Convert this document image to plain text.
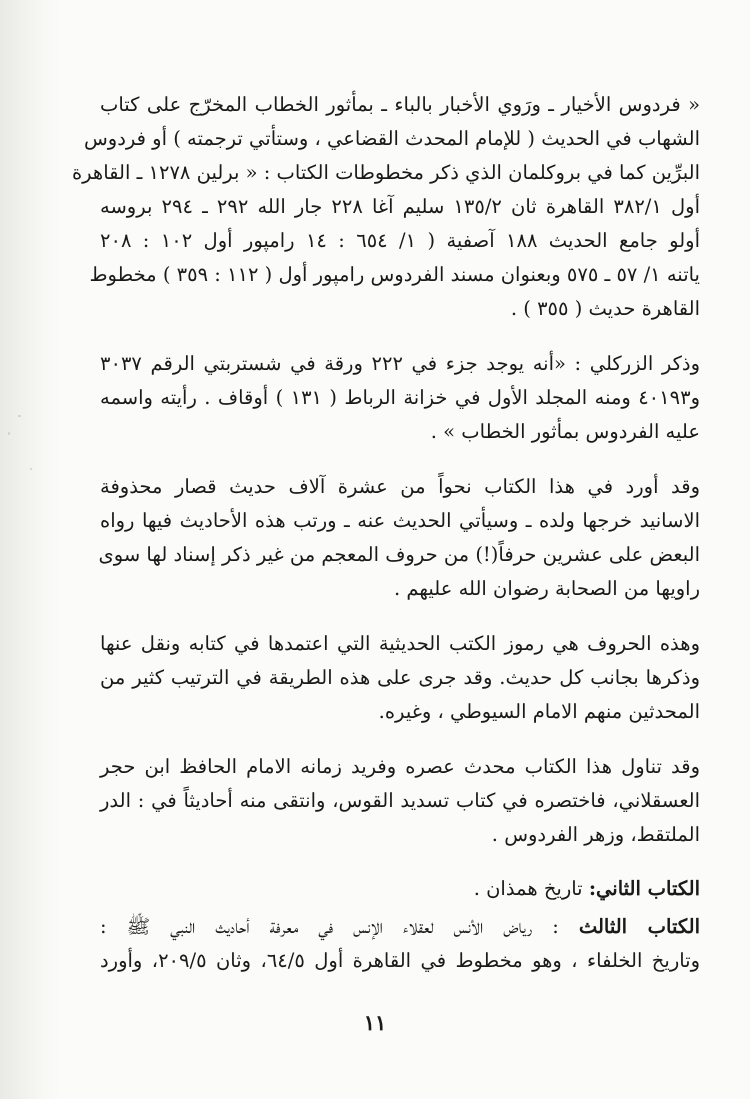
« فردوس الأخيار ـ ورَوي الأخبار بالباء ـ بمأثور الخطاب المخرّج على كتاب
الشهاب في الحديث ( للإمام المحدث القضاعي ، وستأتي ترجمته ) أو فردوس
البرِّين كما في بروكلمان الذي ذكر مخطوطات الكتاب : « برلين ۱۲۷۸ ـ القاهرة
أول ۳۸۲/۱ القاهرة ثان ۱۳٥/۲ سليم آغا ۲۲۸ جار الله ۲۹۲ ـ ۲۹٤ بروسه
أولو جامع الحديث ۱۸۸ آصفية ( ۱/ ٦٥٤ : ١٤ رامپور أول ١٠٢ : ٢٠٨
ياتنه ۱/ ٥٧ ـ ٥٧٥ وبعنوان مسند الفردوس رامپور أول ( ۱۱۲ : ۳٥۹ ) مخطوط
القاهرة حديث ( ٣٥٥ ) .
وذكر الزركلي : «أنه يوجد جزء في ۲۲۲ ورقة في شستربتي الرقم ۳۰۳۷
و٤٠١٩٣ ومنه المجلد الأول في خزانة الرباط ( ۱۳۱ ) أوقاف . رأيته واسمه
عليه الفردوس بمأثور الخطاب » .
وقد أورد في هذا الكتاب نحواً من عشرة آلاف حديث قصار محذوفة
الاسانيد خرجها ولده ـ وسيأتي الحديث عنه ـ ورتب هذه الأحاديث فيها رواه
البعض على عشرين حرفاً(!) من حروف المعجم من غير ذكر إسناد لها سوى
راويها من الصحابة رضوان الله عليهم .
وهذه الحروف هي رموز الكتب الحديثية التي اعتمدها في كتابه ونقل عنها
وذكرها بجانب كل حديث. وقد جرى على هذه الطريقة في الترتيب كثير من
المحدثين منهم الامام السيوطي ، وغيره.
وقد تناول هذا الكتاب محدث عصره وفريد زمانه الامام الحافظ ابن حجر
العسقلاني، فاختصره في كتاب تسديد القوس، وانتقى منه أحاديثاً في : الدر
الملتقط، وزهر الفردوس .
الكتاب الثاني: تاريخ همذان .
الكتاب الثالث : رياض الأنس لعقلاء الإنس في معرفة أحاديث النبي ﷺ :
وتاريخ الخلفاء ، وهو مخطوط في القاهرة أول ٦٤/٥، وثان ٢٠٩/٥، وأورد
١١
